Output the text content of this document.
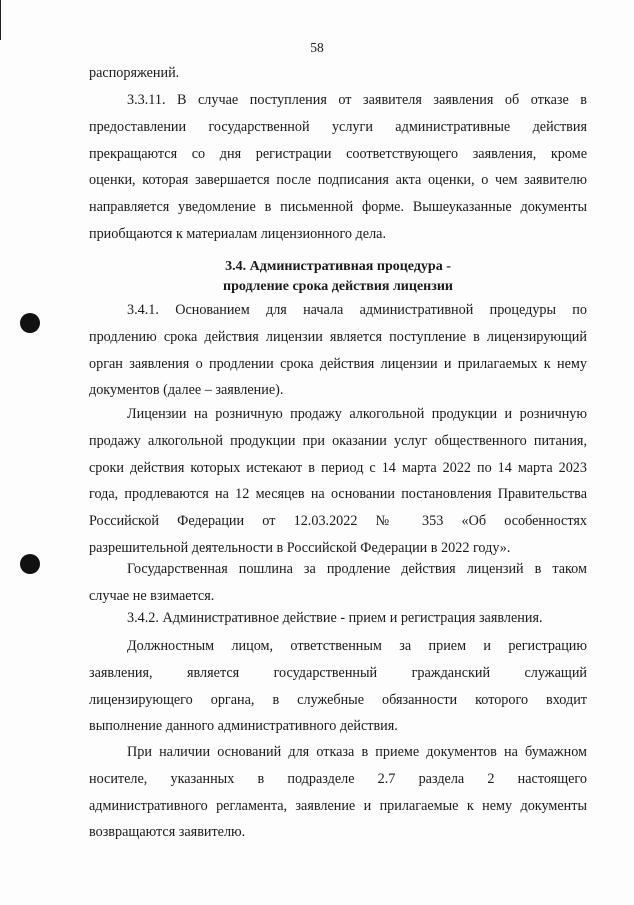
58
распоряжений.
3.3.11. В случае поступления от заявителя заявления об отказе в
предоставлении государственной услуги административные действия
прекращаются со дня регистрации соответствующего заявления, кроме
оценки, которая завершается после подписания акта оценки, о чем заявителю
направляется уведомление в письменной форме. Вышеуказанные документы
приобщаются к материалам лицензионного дела.
3.4. Административная процедура -
продление срока действия лицензии
3.4.1. Основанием для начала административной процедуры по
продлению срока действия лицензии является поступление в лицензирующий
орган заявления о продлении срока действия лицензии и прилагаемых к нему
документов (далее – заявление).
Лицензии на розничную продажу алкогольной продукции и розничную
продажу алкогольной продукции при оказании услуг общественного питания,
сроки действия которых истекают в период с 14 марта 2022 по 14 марта 2023
года, продлеваются на 12 месяцев на основании постановления Правительства
Российской Федерации от 12.03.2022 № 353 «Об особенностях
разрешительной деятельности в Российской Федерации в 2022 году».
Государственная пошлина за продление действия лицензий в таком
случае не взимается.
3.4.2. Административное действие - прием и регистрация заявления.
Должностным лицом, ответственным за прием и регистрацию
заявления, является государственный гражданский служащий
лицензирующего органа, в служебные обязанности которого входит
выполнение данного административного действия.
При наличии оснований для отказа в приеме документов на бумажном
носителе, указанных в подразделе 2.7 раздела 2 настоящего
административного регламента, заявление и прилагаемые к нему документы
возвращаются заявителю.
